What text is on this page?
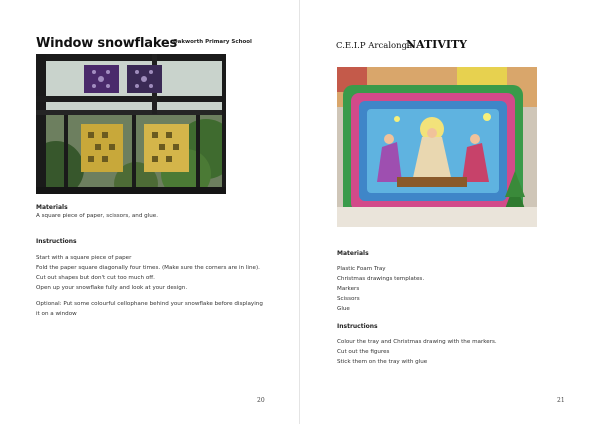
Window snowflakes
Oakworth Primary School
Materials
A square piece of paper, scissors, and glue.
Instructions
Start with a square piece of paper
Fold the paper square diagonally four times. (Make sure the corners are in line).
Cut out shapes but don't cut too much off.
Open up your snowflake fully and look at your design.
Optional: Put some colourful cellophane behind your snowflake before displaying
it on a window
20
C.E.I.P Arcalonga
NATIVITY
Materials
Plastic Foam Tray
Christmas drawings templates.
Markers
Scissors
Glue
Instructions
Colour the tray and Christmas drawing with the markers.
Cut out the figures
Stick them on the tray with glue
21
